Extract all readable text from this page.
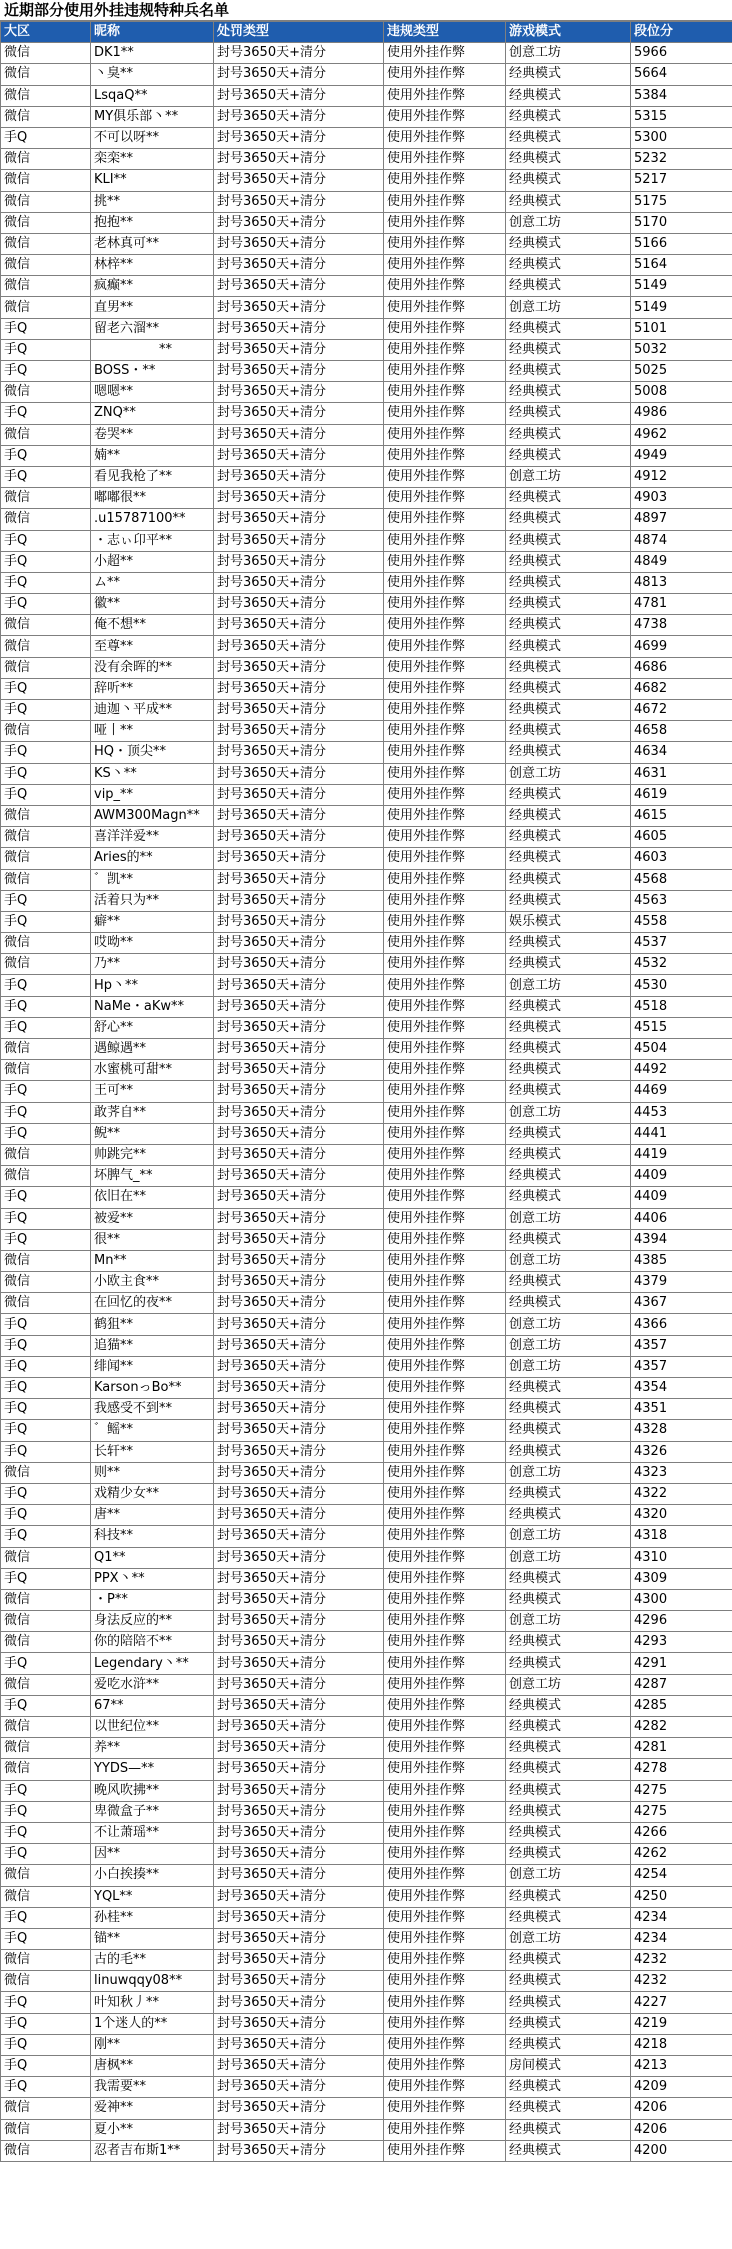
近期部分使用外挂违规特种兵名单
大区	昵称	处罚类型	违规类型	游戏模式	段位分
微信	DK1**	封号3650天+清分	使用外挂作弊	创意工坊	5966
微信	丶臭**	封号3650天+清分	使用外挂作弊	经典模式	5664
微信	LsqaQ**	封号3650天+清分	使用外挂作弊	经典模式	5384
微信	MY俱乐部丶**	封号3650天+清分	使用外挂作弊	经典模式	5315
手Q	不可以呀**	封号3650天+清分	使用外挂作弊	经典模式	5300
微信	栾栾**	封号3650天+清分	使用外挂作弊	经典模式	5232
微信	KLI**	封号3650天+清分	使用外挂作弊	经典模式	5217
微信	挑**	封号3650天+清分	使用外挂作弊	经典模式	5175
微信	抱抱**	封号3650天+清分	使用外挂作弊	创意工坊	5170
微信	老林真可**	封号3650天+清分	使用外挂作弊	经典模式	5166
微信	林梓**	封号3650天+清分	使用外挂作弊	经典模式	5164
微信	疯癫**	封号3650天+清分	使用外挂作弊	经典模式	5149
微信	直男**	封号3650天+清分	使用外挂作弊	创意工坊	5149
手Q	留老六溜**	封号3650天+清分	使用外挂作弊	经典模式	5101
手Q	　　　　　**	封号3650天+清分	使用外挂作弊	经典模式	5032
手Q	BOSS・**	封号3650天+清分	使用外挂作弊	经典模式	5025
微信	嗯嗯**	封号3650天+清分	使用外挂作弊	经典模式	5008
手Q	ZNQ**	封号3650天+清分	使用外挂作弊	经典模式	4986
微信	卷哭**	封号3650天+清分	使用外挂作弊	经典模式	4962
手Q	婻**	封号3650天+清分	使用外挂作弊	经典模式	4949
手Q	看见我枪了**	封号3650天+清分	使用外挂作弊	创意工坊	4912
微信	嘟嘟很**	封号3650天+清分	使用外挂作弊	经典模式	4903
微信	.u15787100**	封号3650天+清分	使用外挂作弊	经典模式	4897
手Q	・志ぃ卬平**	封号3650天+清分	使用外挂作弊	经典模式	4874
手Q	小超**	封号3650天+清分	使用外挂作弊	经典模式	4849
手Q	ム**	封号3650天+清分	使用外挂作弊	经典模式	4813
手Q	徽**	封号3650天+清分	使用外挂作弊	经典模式	4781
微信	俺不想**	封号3650天+清分	使用外挂作弊	经典模式	4738
微信	至尊**	封号3650天+清分	使用外挂作弊	经典模式	4699
微信	没有余晖的**	封号3650天+清分	使用外挂作弊	经典模式	4686
手Q	辞听**	封号3650天+清分	使用外挂作弊	经典模式	4682
手Q	迪迦丶平成**	封号3650天+清分	使用外挂作弊	经典模式	4672
微信	哑丨**	封号3650天+清分	使用外挂作弊	经典模式	4658
手Q	HQ・顶尖**	封号3650天+清分	使用外挂作弊	经典模式	4634
手Q	KS丶**	封号3650天+清分	使用外挂作弊	创意工坊	4631
手Q	vip_**	封号3650天+清分	使用外挂作弊	经典模式	4619
微信	AWM300Magn**	封号3650天+清分	使用外挂作弊	经典模式	4615
微信	喜洋洋爱**	封号3650天+清分	使用外挂作弊	经典模式	4605
微信	Aries的**	封号3650天+清分	使用外挂作弊	经典模式	4603
微信	゛凯**	封号3650天+清分	使用外挂作弊	经典模式	4568
手Q	活着只为**	封号3650天+清分	使用外挂作弊	经典模式	4563
手Q	癖**	封号3650天+清分	使用外挂作弊	娱乐模式	4558
微信	哎呦**	封号3650天+清分	使用外挂作弊	经典模式	4537
微信	乃**	封号3650天+清分	使用外挂作弊	经典模式	4532
手Q	Hp丶**	封号3650天+清分	使用外挂作弊	创意工坊	4530
手Q	NaMe・aKw**	封号3650天+清分	使用外挂作弊	经典模式	4518
手Q	舒心**	封号3650天+清分	使用外挂作弊	经典模式	4515
微信	遇鲸遇**	封号3650天+清分	使用外挂作弊	经典模式	4504
微信	水蜜桃可甜**	封号3650天+清分	使用外挂作弊	经典模式	4492
手Q	王可**	封号3650天+清分	使用外挂作弊	经典模式	4469
手Q	敢荠自**	封号3650天+清分	使用外挂作弊	创意工坊	4453
手Q	鲵**	封号3650天+清分	使用外挂作弊	经典模式	4441
微信	帅跳完**	封号3650天+清分	使用外挂作弊	经典模式	4419
微信	坏脾气_**	封号3650天+清分	使用外挂作弊	经典模式	4409
手Q	依旧在**	封号3650天+清分	使用外挂作弊	经典模式	4409
手Q	被爱**	封号3650天+清分	使用外挂作弊	创意工坊	4406
手Q	很**	封号3650天+清分	使用外挂作弊	经典模式	4394
微信	Mn**	封号3650天+清分	使用外挂作弊	创意工坊	4385
微信	小欧主食**	封号3650天+清分	使用外挂作弊	经典模式	4379
微信	在回忆的夜**	封号3650天+清分	使用外挂作弊	经典模式	4367
手Q	鹤狙**	封号3650天+清分	使用外挂作弊	创意工坊	4366
手Q	追猫**	封号3650天+清分	使用外挂作弊	创意工坊	4357
手Q	绯闻**	封号3650天+清分	使用外挂作弊	创意工坊	4357
手Q	KarsonっBo**	封号3650天+清分	使用外挂作弊	经典模式	4354
手Q	我感受不到**	封号3650天+清分	使用外挂作弊	经典模式	4351
手Q	゛鳐**	封号3650天+清分	使用外挂作弊	经典模式	4328
手Q	长轩**	封号3650天+清分	使用外挂作弊	经典模式	4326
微信	则**	封号3650天+清分	使用外挂作弊	创意工坊	4323
手Q	戏精少女**	封号3650天+清分	使用外挂作弊	经典模式	4322
手Q	唐**	封号3650天+清分	使用外挂作弊	经典模式	4320
手Q	科技**	封号3650天+清分	使用外挂作弊	创意工坊	4318
微信	Q1**	封号3650天+清分	使用外挂作弊	创意工坊	4310
手Q	PPX丶**	封号3650天+清分	使用外挂作弊	经典模式	4309
微信	・P**	封号3650天+清分	使用外挂作弊	经典模式	4300
微信	身法反应的**	封号3650天+清分	使用外挂作弊	创意工坊	4296
微信	你的陪陪不**	封号3650天+清分	使用外挂作弊	经典模式	4293
手Q	Legendary丶**	封号3650天+清分	使用外挂作弊	经典模式	4291
微信	爱吃水浒**	封号3650天+清分	使用外挂作弊	创意工坊	4287
手Q	67**	封号3650天+清分	使用外挂作弊	经典模式	4285
微信	以世纪位**	封号3650天+清分	使用外挂作弊	经典模式	4282
微信	养**	封号3650天+清分	使用外挂作弊	经典模式	4281
微信	YYDS—**	封号3650天+清分	使用外挂作弊	经典模式	4278
手Q	晚风吹拂**	封号3650天+清分	使用外挂作弊	经典模式	4275
手Q	卑微盒子**	封号3650天+清分	使用外挂作弊	经典模式	4275
手Q	不让萧瑶**	封号3650天+清分	使用外挂作弊	经典模式	4266
手Q	因**	封号3650天+清分	使用外挂作弊	经典模式	4262
微信	小白挨揍**	封号3650天+清分	使用外挂作弊	创意工坊	4254
微信	YQL**	封号3650天+清分	使用外挂作弊	经典模式	4250
手Q	孙桂**	封号3650天+清分	使用外挂作弊	经典模式	4234
手Q	锚**	封号3650天+清分	使用外挂作弊	创意工坊	4234
微信	古的毛**	封号3650天+清分	使用外挂作弊	经典模式	4232
微信	linuwqqy08**	封号3650天+清分	使用外挂作弊	经典模式	4232
手Q	叶知秋丿**	封号3650天+清分	使用外挂作弊	经典模式	4227
手Q	1个迷人的**	封号3650天+清分	使用外挂作弊	经典模式	4219
手Q	刚**	封号3650天+清分	使用外挂作弊	经典模式	4218
手Q	唐枫**	封号3650天+清分	使用外挂作弊	房间模式	4213
手Q	我需要**	封号3650天+清分	使用外挂作弊	经典模式	4209
微信	爱神**	封号3650天+清分	使用外挂作弊	经典模式	4206
微信	夏小**	封号3650天+清分	使用外挂作弊	经典模式	4206
微信	忍者吉布斯1**	封号3650天+清分	使用外挂作弊	经典模式	4200
